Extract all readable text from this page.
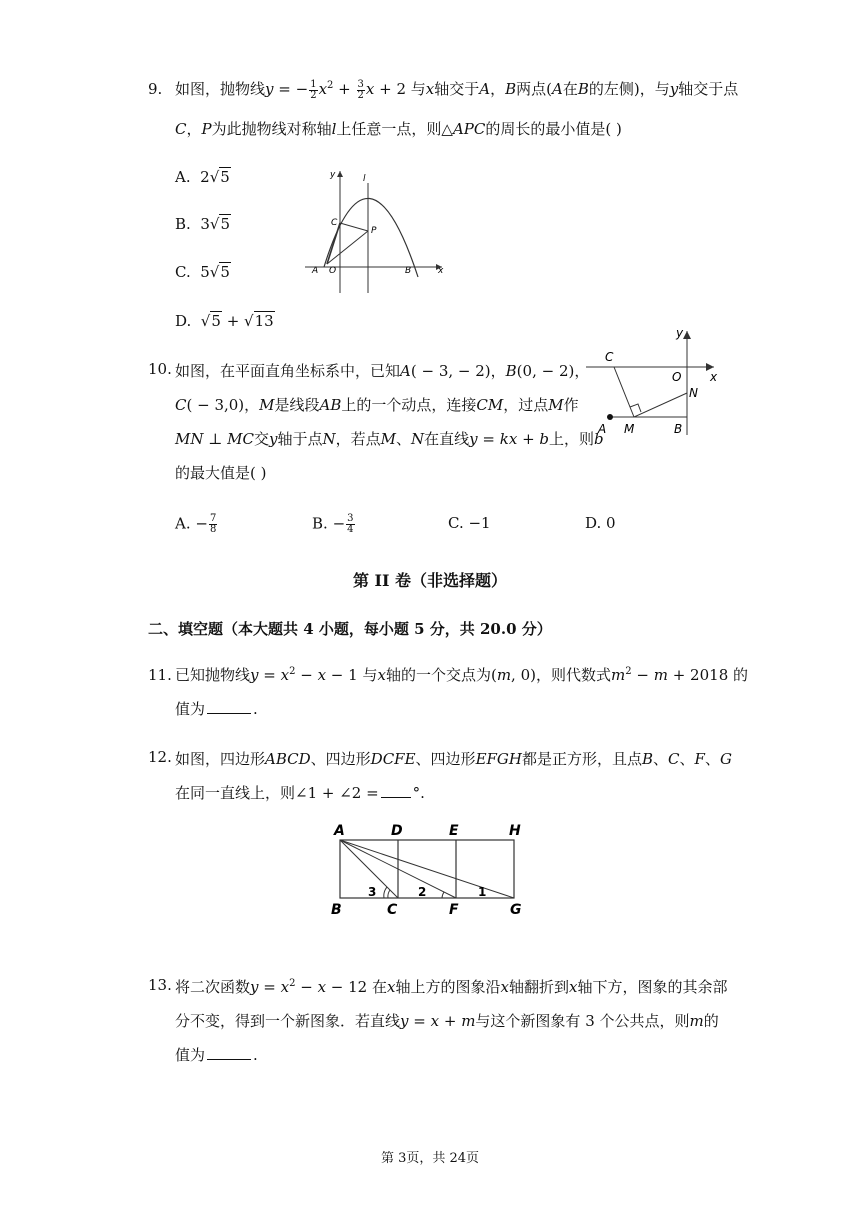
9. 如图，抛物线y = − $\frac{1}{2} x^2 + \frac{3}{2}$ x + 2 与x轴交于A，B两点(A在B的左侧)，与y轴交于点
C，P为此抛物线对称轴l上任意一点，则△APC的周长的最小值是( )
A.  2√5
B.  3√5
C.  5√5
D.  √5 + √13
y	l
C
P
A O	B	x
10. 如图，在平面直角坐标系中，已知A( − 3, − 2)，B(0, − 2)，
C( − 3,0)，M是线段AB上的一个动点，连接CM，过点M作
MN ⊥ MC交y轴于点N，若点M、N在直线y = kx + b上，则b
的最大值是( )
A. − $\frac{7}{8}$	B. − $\frac{3}{4}$	C. −1	D. 0
y
C
O x
N
A M	B
第 II 卷（非选择题）
二、填空题（本大题共 4 小题，每小题 5 分，共 20.0 分）
11. 已知抛物线$y = x^2 - x - 1$ 与x轴的一个交点为(m, 0)，则代数式$m^2 - m + 2018$ 的
值为	.
12. 如图，四边形ABCD、四边形DCFE、四边形EFGH都是正方形，且点B、C、F、G
在同一直线上，则∠1 + ∠2 = °.
A	D	E	H
B	C	F	G
3	2	1
13. 将二次函数$y = x^2 - x - 12$ 在x轴上方的图象沿x轴翻折到x轴下方，图象的其余部
分不变，得到一个新图象．若直线y = x + m与这个新图象有 3 个公共点，则m的
值为	.
第 3页，共 24页
